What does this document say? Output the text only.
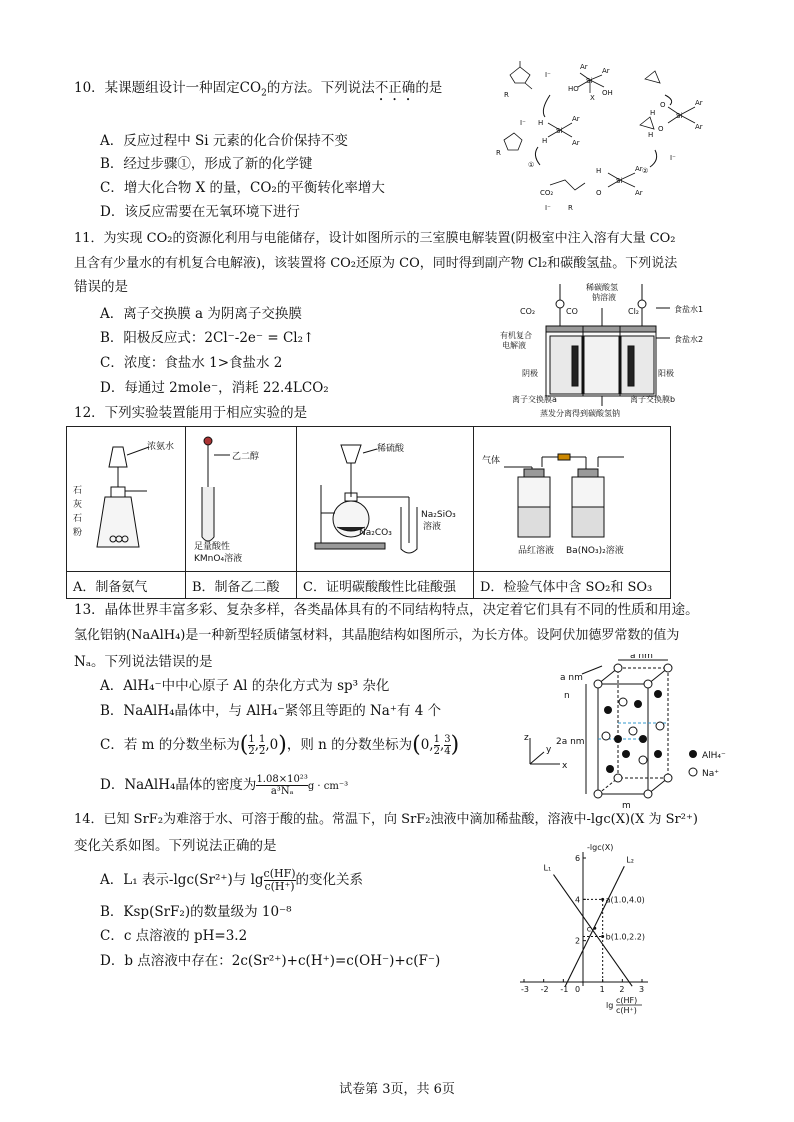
10．某课题组设计一种固定$CO_2$的方法。下列说法不正确的是
A．反应过程中 Si 元素的化合价保持不变
B．经过步骤①，形成了新的化学键
C．增大化合物 X 的量，CO₂的平衡转化率增大
D．该反应需要在无氧环境下进行
I⁻
R
Ar Ar
Si
HO	OH
X
Ar
Ar
Si
O
O
H
H
Si
Ar
Ar
H
H
R
I⁻
Si
Ar
Ar
H
O
CO₂
I⁻ R
I⁻
②
①
11．为实现 CO₂的资源化利用与电能储存，设计如图所示的三室膜电解装置(阴极室中注入溶有大量 CO₂
且含有少量水的有机复合电解液)，该装置将 CO₂还原为 CO，同时得到副产物 Cl₂和碳酸氢盐。下列说法
错误的是
A．离子交换膜 a 为阴离子交换膜
B．阳极反应式：2Cl⁻-2e⁻ = Cl₂↑
C．浓度：食盐水 1>食盐水 2
D．每通过 2mole⁻，消耗 22.4LCO₂
CO₂	CO
稀碳酸氢
钠溶液
Cl₂	食盐水1
食盐水2
有机复合
电解液
阴极	阳极
离子交换膜a	离子交换膜b
蒸发分离得到碳酸氢钠
12．下列实验装置能用于相应实验的是
浓氨水
石
灰
石
粉	乙二醇
足量酸性
KMnO₄溶液	稀硫酸
Na₂CO₃
Na₂SiO₃
溶液	气体
品红溶液 Ba(NO₃)₂溶液

A．制备氨气	B．制备乙二酸	C．证明碳酸酸性比硅酸强	D．检验气体中含 SO₂和 SO₃
13．晶体世界丰富多彩、复杂多样，各类晶体具有的不同结构特点，决定着它们具有不同的性质和用途。
氢化铝钠(NaAlH₄)是一种新型轻质储氢材料，其晶胞结构如图所示，为长方体。设阿伏加德罗常数的值为
Nₐ。下列说法错误的是
A．AlH₄⁻中中心原子 Al 的杂化方式为 sp³ 杂化
B．NaAlH₄晶体中，与 AlH₄⁻紧邻且等距的 Na⁺有 4 个
C．若 m 的分数坐标为( $\frac{1}{2}$ , $\frac{1}{2} ,0$)，则 n 的分数坐标为(0, $\frac{1}{2}$ , $\frac{3}{4}$ )
D．NaAlH₄晶体的密度为 $\frac{\text{1.08×10²³}}{\text{a³Nₐ}}$ g · cm⁻³
a nm
a nm
2a nm
n
m
z
y
x
AlH₄⁻
Na⁺
14．已知 SrF₂为难溶于水、可溶于酸的盐。常温下，向 SrF₂浊液中滴加稀盐酸，溶液中-lgc(X)(X 为 Sr²⁺)
变化关系如图。下列说法正确的是
A．L₁ 表示-lgc(Sr²⁺)与 $\lg \frac{c(HF)}{c(H^+)}$ 的变化关系
B．Ksp(SrF₂)的数量级为 10⁻⁸
C．c 点溶液的 pH=3.2
D．b 点溶液中存在：2c(Sr²⁺)+c(H⁺)=c(OH⁻)+c(F⁻)
-3 -2 -1	1 2 3
0
2
4
6
L₁
L₂
a(1.0,4.0)
b(1.0,2.2)
c
-lgc(X)
lg
c(HF)
c(H⁺)
试卷第 3页，共 6页
